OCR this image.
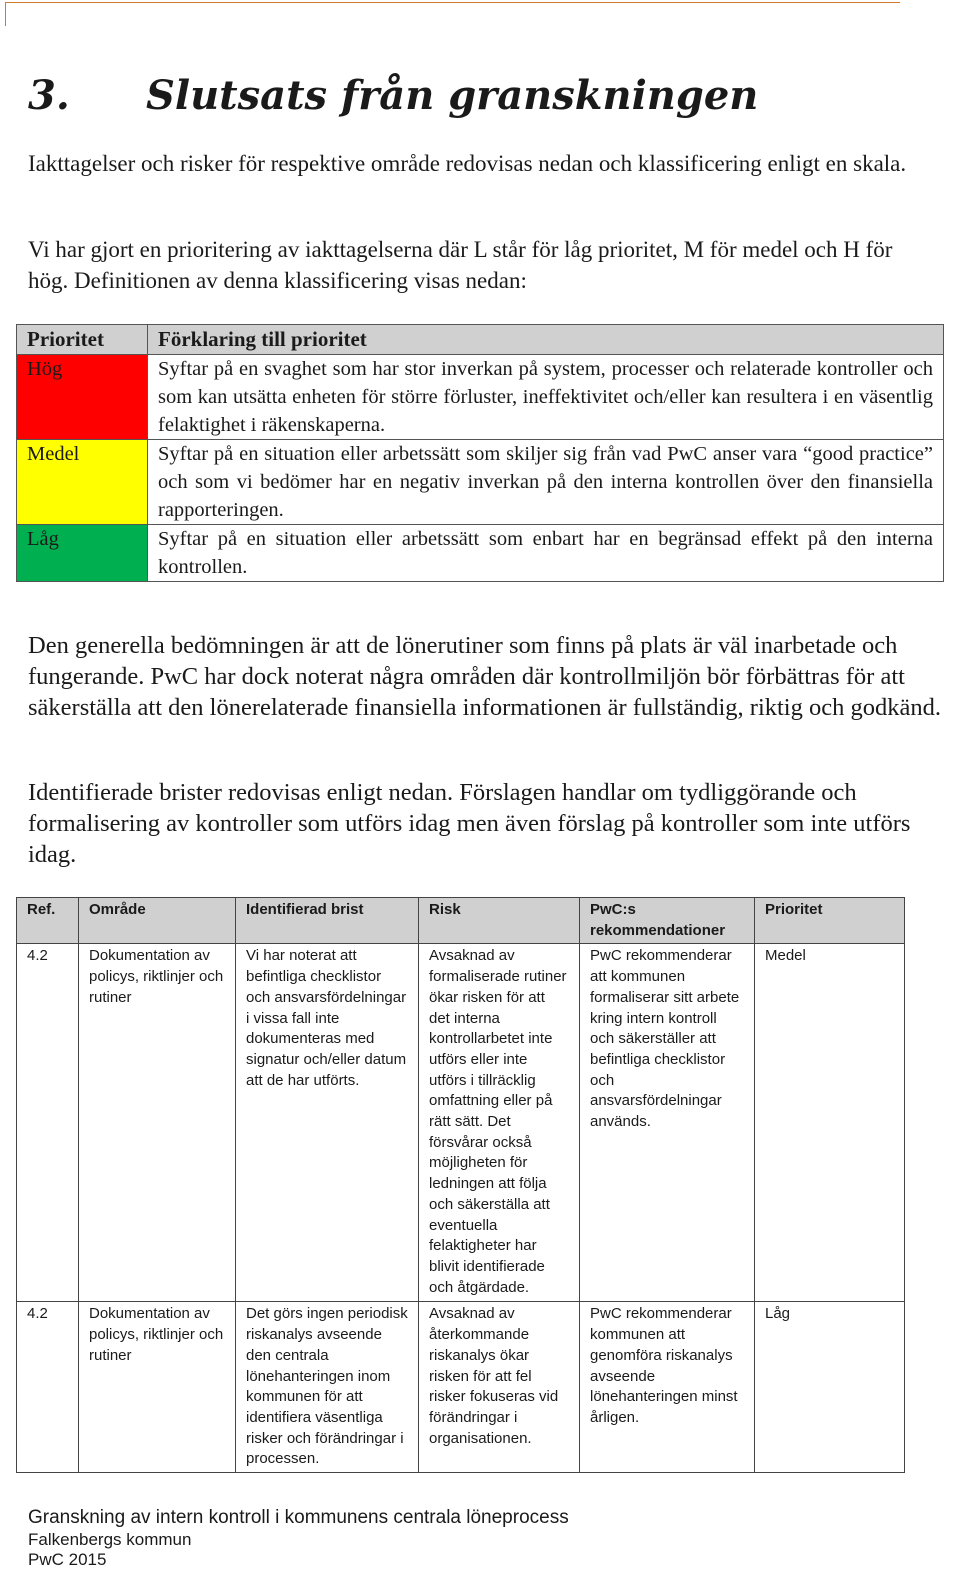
3. Slutsats från granskningen

Iakttagelser och risker för respektive område redovisas nedan och klassificering enligt en skala.

Vi har gjort en prioritering av iakttagelserna där L står för låg prioritet, M för medel och H för hög. Definitionen av denna klassificering visas nedan:

Prioritet	Förklaring till prioritet
Hög	Syftar på en svaghet som har stor inverkan på system, processer och relaterade kontroller och som kan utsätta enheten för större förluster, ineffektivitet och/eller kan resultera i en väsentlig felaktighet i räkenskaperna.
Medel	Syftar på en situation eller arbetssätt som skiljer sig från vad PwC anser vara “good practice” och som vi bedömer har en negativ inverkan på den interna kontrollen över den finansiella rapporteringen.
Låg	Syftar på en situation eller arbetssätt som enbart har en begränsad effekt på den interna kontrollen.

Den generella bedömningen är att de lönerutiner som finns på plats är väl inarbetade och fungerande. PwC har dock noterat några områden där kontrollmiljön bör förbättras för att säkerställa att den lönerelaterade finansiella informationen är fullständig, riktig och godkänd.

Identifierade brister redovisas enligt nedan. Förslagen handlar om tydliggörande och formalisering av kontroller som utförs idag men även förslag på kontroller som inte utförs idag.

Ref.	Område	Identifierad brist	Risk	PwC:s rekommendationer	Prioritet
4.2	Dokumentation av policys, riktlinjer och rutiner	Vi har noterat att befintliga checklistor och ansvarsfördelningar i vissa fall inte dokumenteras med signatur och/eller datum att de har utförts.	Avsaknad av formaliserade rutiner ökar risken för att det interna kontrollarbetet inte utförs eller inte utförs i tillräcklig omfattning eller på rätt sätt. Det försvårar också möjligheten för ledningen att följa och säkerställa att eventuella felaktigheter har blivit identifierade och åtgärdade.	PwC rekommenderar att kommunen formaliserar sitt arbete kring intern kontroll och säkerställer att befintliga checklistor och ansvarsfördelningar används.	Medel
4.2	Dokumentation av policys, riktlinjer och rutiner	Det görs ingen periodisk riskanalys avseende den centrala lönehanteringen inom kommunen för att identifiera väsentliga risker och förändringar i processen.	Avsaknad av återkommande riskanalys ökar risken för att fel risker fokuseras vid förändringar i organisationen.	PwC rekommenderar kommunen att genomföra riskanalys avseende lönehanteringen minst årligen.	Låg

Granskning av intern kontroll i kommunens centrala löneprocess

Falkenbergs kommun

PwC 2015
